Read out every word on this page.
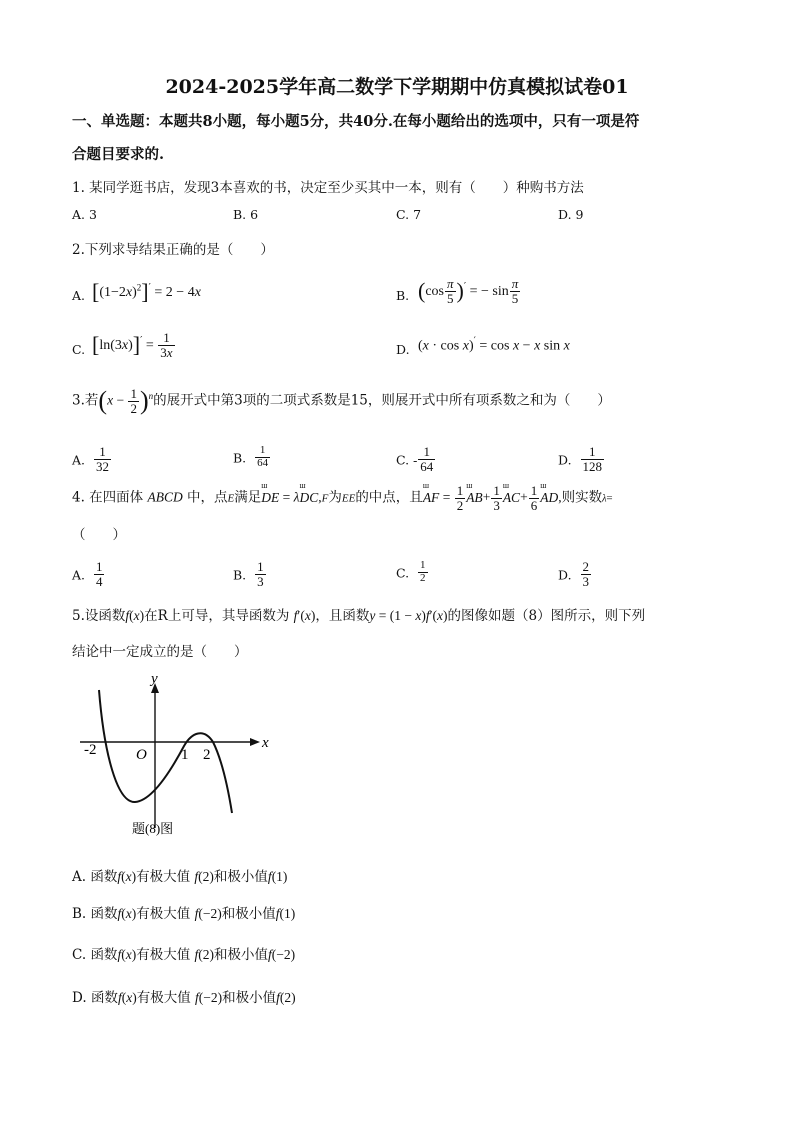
2024-2025学年高二数学下学期期中仿真模拟试卷01
一、单选题：本题共8小题，每小题5分，共40分.在每小题给出的选项中，只有一项是符
合题目要求的.
1. 某同学逛书店，发现3本喜欢的书，决定至少买其中一本，则有（　　）种购书方法
A. 3	B. 6	C. 7	D. 9
2.下列求导结果正确的是（　　）
A. $[(1-2x)^2]' = 2 - 4x$	B. $(\cos \frac{\pi}{5} )'$ = − $\sin \frac{\pi}{5}$
C. $[\ln(3x)]' = \frac{1}{3x}$	D. (x · cos x)′ = cos x − x sin x
3.若$(x - \frac{1}{2} )^n$的展开式中第3项的二项式系数是15，则展开式中所有项系数之和为（　　）
A. $\frac{1}{32}$	B. $\frac{1}{64}$	C. - $\frac{1}{64}$	D. $\frac{1}{128}$
4. 在四面体 ABCD 中，点E满足ш DE = λш DC,F为EE的中点，且ш AF = $\frac{1}{2}$ ш $AB+ \frac{1}{3}$ ш $AC+ \frac{1}{6}$ ш AD,则实数λ=
（　　）
A. $\frac{1}{4}$	B. $\frac{1}{3}$	C. $\frac{1}{2}$	D. $\frac{2}{3}$
5.设函数f(x)在R上可导，其导函数为 f′(x)，且函数y = (1 − x)f′(x)的图像如题（8）图所示，则下列
结论中一定成立的是（　　）
x
y
O
-2	1 2
题(8)图
A. 函数f(x)有极大值 f(2)和极小值f(1)
B. 函数f(x)有极大值 f(−2)和极小值f(1)
C. 函数f(x)有极大值 f(2)和极小值f(−2)
D. 函数f(x)有极大值 f(−2)和极小值f(2)
